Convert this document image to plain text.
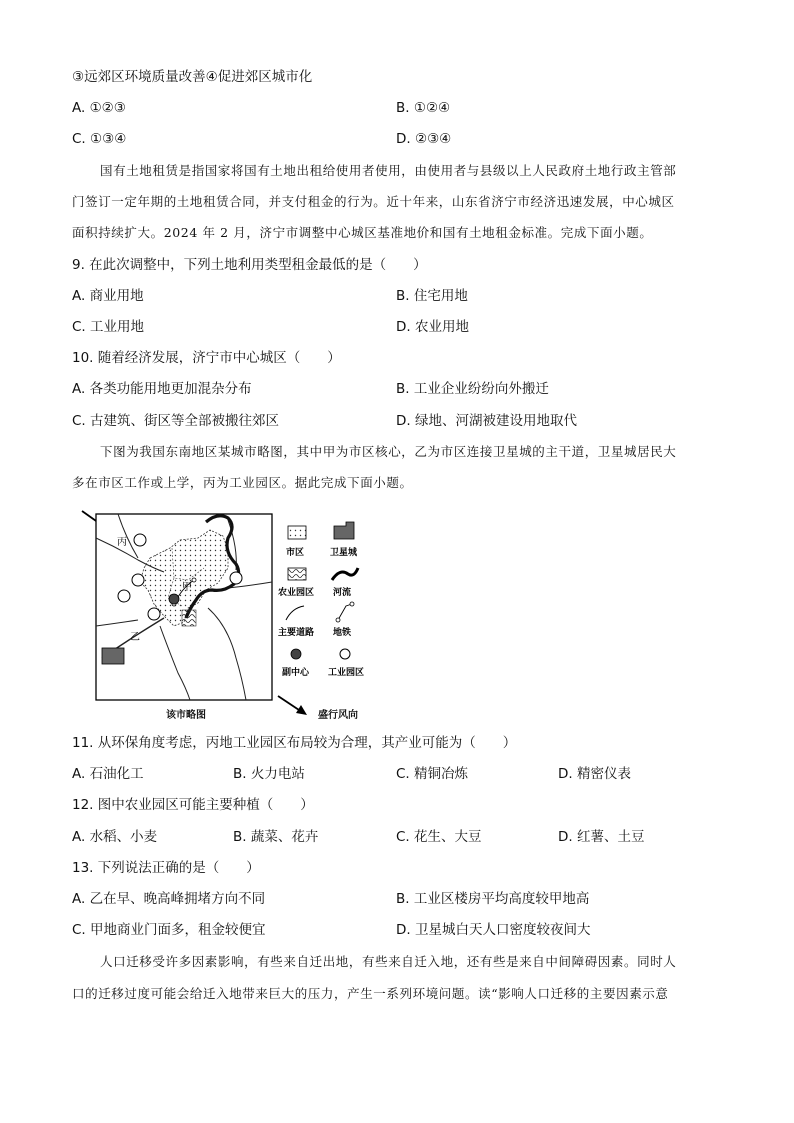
③远郊区环境质量改善④促进郊区城市化
A. ①②③	B. ①②④
C. ①③④	D. ②③④
国有土地租赁是指国家将国有土地出租给使用者使用，由使用者与县级以上人民政府土地行政主管部
门签订一定年期的土地租赁合同，并支付租金的行为。近十年来，山东省济宁市经济迅速发展，中心城区
面积持续扩大。2024 年 2 月，济宁市调整中心城区基准地价和国有土地租金标准。完成下面小题。
9. 在此次调整中，下列土地利用类型租金最低的是（　　）
A. 商业用地	B. 住宅用地
C. 工业用地	D. 农业用地
10. 随着经济发展，济宁市中心城区（　　）
A. 各类功能用地更加混杂分布	B. 工业企业纷纷向外搬迁
C. 古建筑、街区等全部被搬往郊区	D. 绿地、河湖被建设用地取代
下图为我国东南地区某城市略图，其中甲为市区核心，乙为市区连接卫星城的主干道，卫星城居民大
多在市区工作或上学，丙为工业园区。据此完成下面小题。
丙
甲
乙
市区	卫星城
农业园区 河流
主要道路 地铁
副中心 工业园区
该市略图	盛行风向
11. 从环保角度考虑，丙地工业园区布局较为合理，其产业可能为（　　）
A. 石油化工	B. 火力电站	C. 精铜冶炼	D. 精密仪表
12. 图中农业园区可能主要种植（　　）
A. 水稻、小麦	B. 蔬菜、花卉	C. 花生、大豆	D. 红薯、土豆
13. 下列说法正确的是（　　）
A. 乙在早、晚高峰拥堵方向不同	B. 工业区楼房平均高度较甲地高
C. 甲地商业门面多，租金较便宜	D. 卫星城白天人口密度较夜间大
人口迁移受许多因素影响，有些来自迁出地，有些来自迁入地，还有些是来自中间障碍因素。同时人
口的迁移过度可能会给迁入地带来巨大的压力，产生一系列环境问题。读“影响人口迁移的主要因素示意
